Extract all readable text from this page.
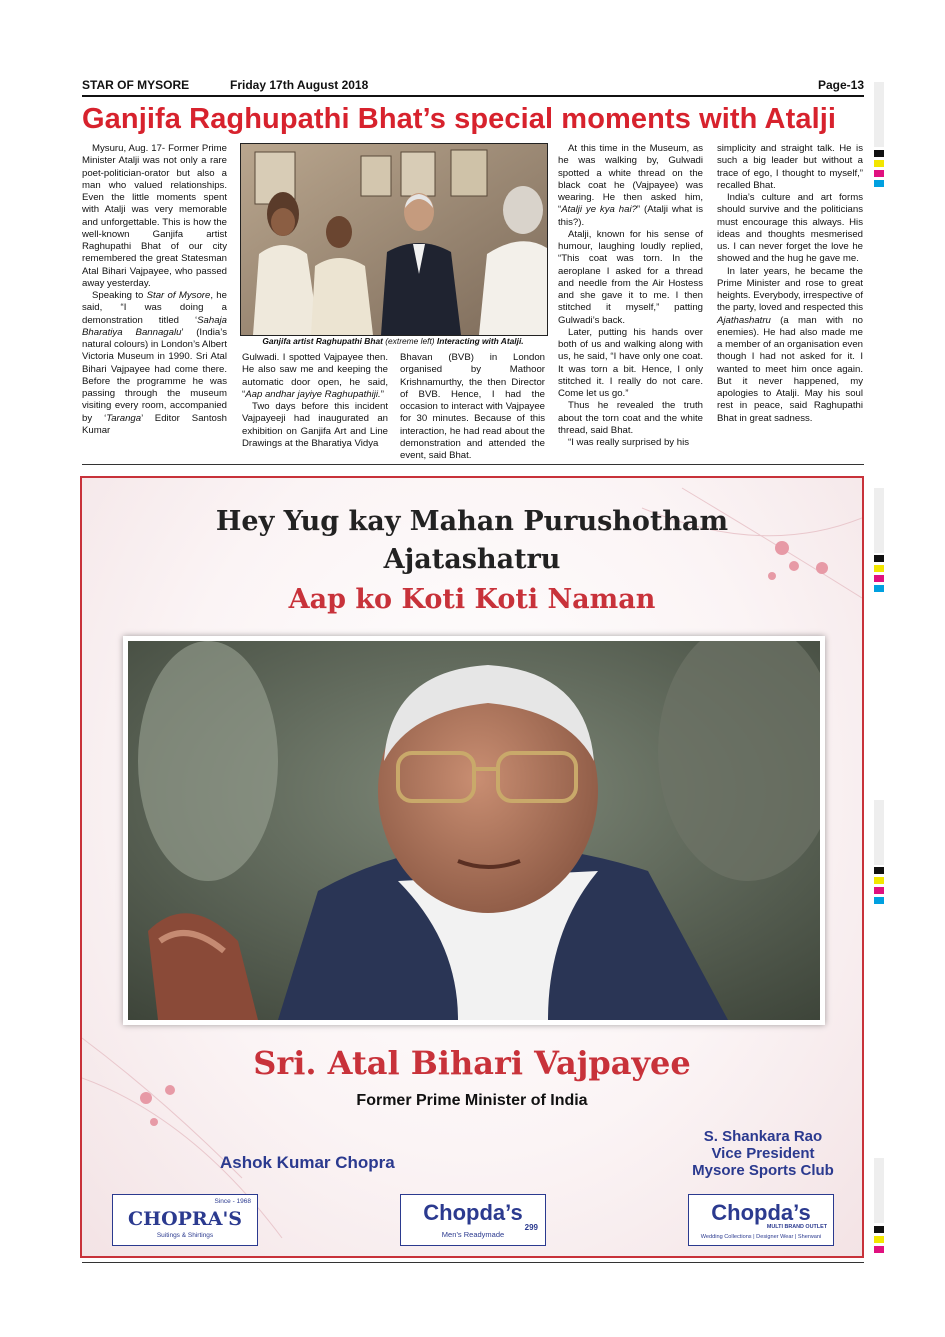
STAR OF MYSORE	Friday 17th August 2018	Page-13
Ganjifa Raghupathi Bhat’s special moments with Atalji

Mysuru, Aug. 17- Former Prime Minister Atalji was not only a rare poet-politician-orator but also a man who valued relationships. Even the little moments spent with Atalji was very memorable and unforgettable. This is how the well-known Ganjifa artist Raghupathi Bhat of our city remembered the great Statesman Atal Bihari Vajpayee, who passed away yesterday.

Speaking to Star of Mysore, he said, “I was doing a demonstration titled ‘Sahaja Bharatiya Bannagalu’ (India’s natural colours) in London’s Albert Victoria Museum in 1990. Sri Atal Bihari Vajpayee had come there. Before the programme he was passing through the museum visiting every room, accompanied by ‘Taranga’ Editor Santosh Kumar

Ganjifa artist Raghupathi Bhat (extreme left) Interacting with Atalji.

Gulwadi. I spotted Vajpayee then. He also saw me and keeping the automatic door open, he said, “Aap andhar jayiye Raghupathiji.”

Two days before this incident Vajpayeeji had inaugurated an exhibition on Ganjifa Art and Line Drawings at the Bharatiya Vidya

Bhavan (BVB) in London organised by Mathoor Krishnamurthy, the then Director of BVB. Hence, I had the occasion to interact with Vajpayee for 30 minutes. Because of this interaction, he had read about the demonstration and attended the event, said Bhat.

At this time in the Museum, as he was walking by, Gulwadi spotted a white thread on the black coat he (Vajpayee) was wearing. He then asked him, “Atalji ye kya hai?” (Atalji what is this?).

Atalji, known for his sense of humour, laughing loudly replied, “This coat was torn. In the aeroplane I asked for a thread and needle from the Air Hostess and she gave it to me. I then stitched it myself,” patting Gulwadi’s back.

Later, putting his hands over both of us and walking along with us, he said, “I have only one coat. It was torn a bit. Hence, I only stitched it. I really do not care. Come let us go.”

Thus he revealed the truth about the torn coat and the white thread, said Bhat.

“I was really surprised by his

simplicity and straight talk. He is such a big leader but without a trace of ego, I thought to myself,” recalled Bhat.

India’s culture and art forms should survive and the politicians must encourage this always. His ideas and thoughts mesmerised us. I can never forget the love he showed and the hug he gave me.

In later years, he became the Prime Minister and rose to great heights. Everybody, irrespective of the party, loved and respected this Ajathashatru (a man with no enemies). He had also made me a member of an organisation even though I had not asked for it. I wanted to meet him once again. But it never happened, my apologies to Atalji. May his soul rest in peace, said Raghupathi Bhat in great sadness.

Hey Yug kay Mahan Purushotham
Ajatashatru
Aap ko Koti Koti Naman
Sri. Atal Bihari Vajpayee
Former Prime Minister of India
Ashok Kumar Chopra
S. Shankara Rao
Vice President
Mysore Sports Club
Since - 1968
CHOPRA'S
Suitings & Shirtings
Chopda’s
299
Men’s Readymade
Chopda’s
MULTI BRAND OUTLET
Wedding Collections | Designer Wear | Sherwani
